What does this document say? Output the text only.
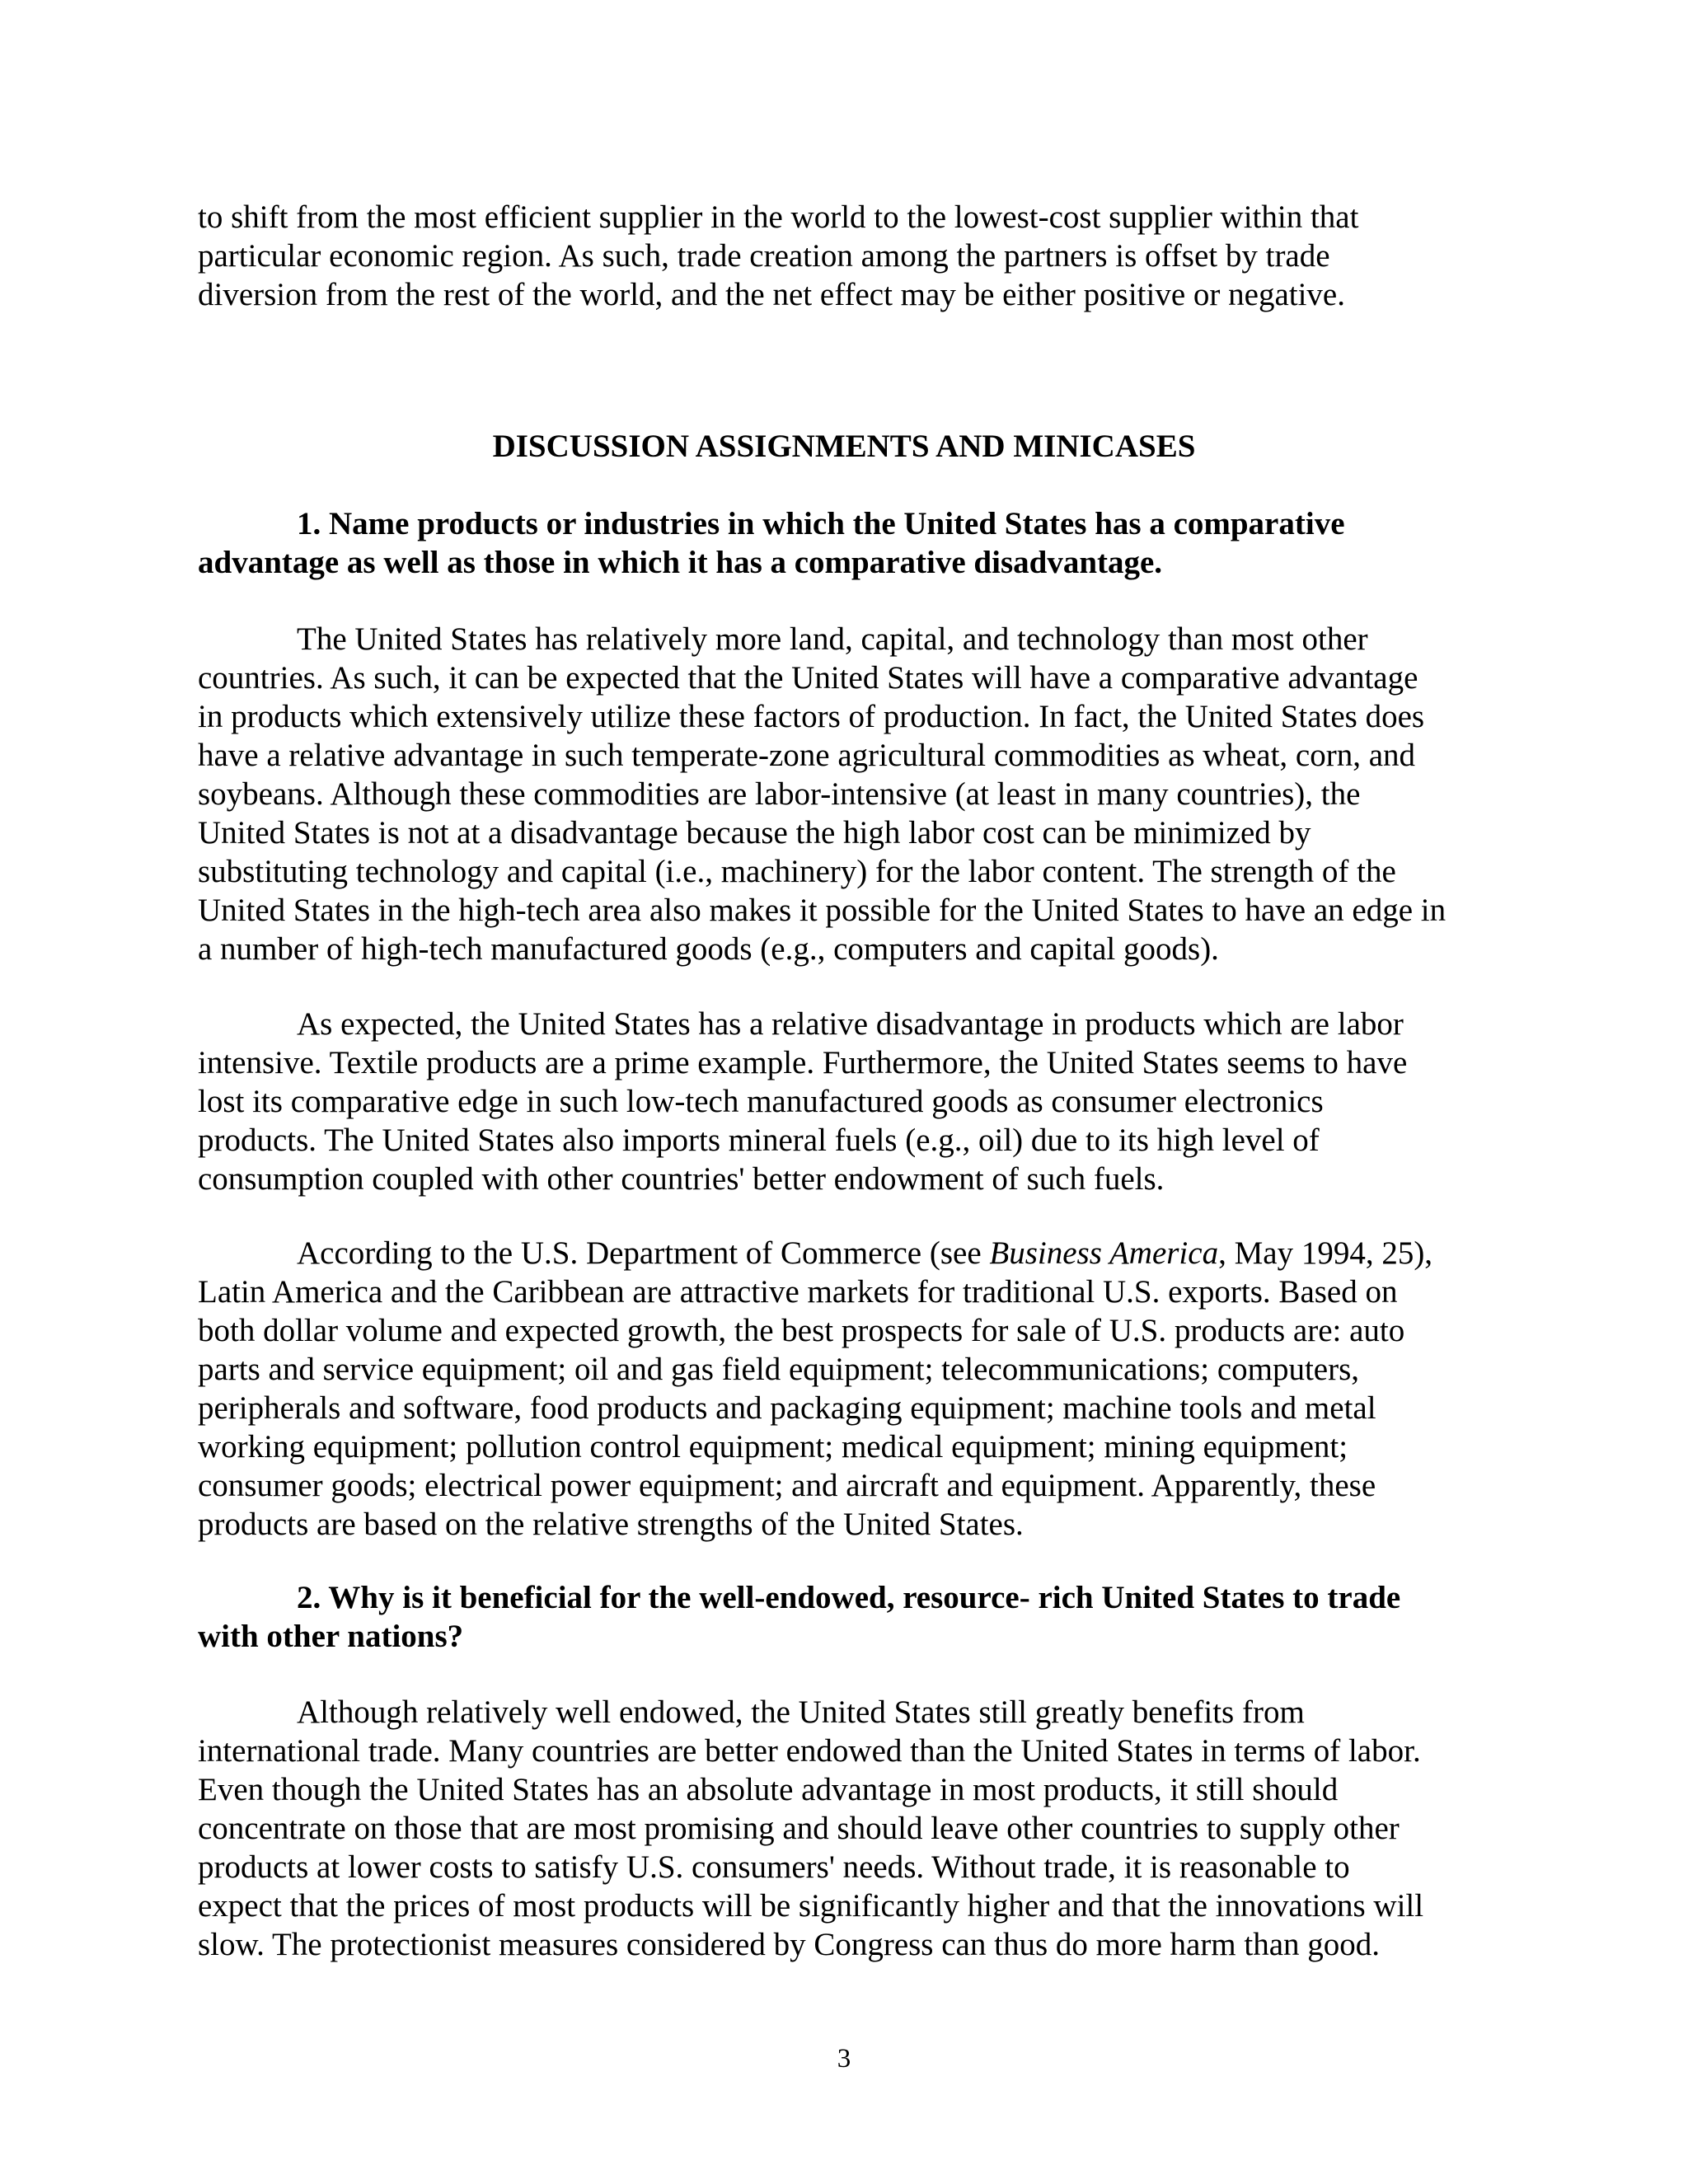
to shift from the most efficient supplier in the world to the lowest-cost supplier within that
particular economic region. As such, trade creation among the partners is offset by trade
diversion from the rest of the world, and the net effect may be either positive or negative.
DISCUSSION ASSIGNMENTS AND MINICASES
1. Name products or industries in which the United States has a comparative
advantage as well as those in which it has a comparative disadvantage.
The United States has relatively more land, capital, and technology than most other
countries. As such, it can be expected that the United States will have a comparative advantage
in products which extensively utilize these factors of production. In fact, the United States does
have a relative advantage in such temperate-zone agricultural commodities as wheat, corn, and
soybeans. Although these commodities are labor-intensive (at least in many countries), the
United States is not at a disadvantage because the high labor cost can be minimized by
substituting technology and capital (i.e., machinery) for the labor content. The strength of the
United States in the high-tech area also makes it possible for the United States to have an edge in
a number of high-tech manufactured goods (e.g., computers and capital goods).
As expected, the United States has a relative disadvantage in products which are labor
intensive. Textile products are a prime example. Furthermore, the United States seems to have
lost its comparative edge in such low-tech manufactured goods as consumer electronics
products. The United States also imports mineral fuels (e.g., oil) due to its high level of
consumption coupled with other countries' better endowment of such fuels.
According to the U.S. Department of Commerce (see Business America, May 1994, 25),
Latin America and the Caribbean are attractive markets for traditional U.S. exports. Based on
both dollar volume and expected growth, the best prospects for sale of U.S. products are: auto
parts and service equipment; oil and gas field equipment; telecommunications; computers,
peripherals and software, food products and packaging equipment; machine tools and metal
working equipment; pollution control equipment; medical equipment; mining equipment;
consumer goods; electrical power equipment; and aircraft and equipment. Apparently, these
products are based on the relative strengths of the United States.
2. Why is it beneficial for the well-endowed, resource- rich United States to trade
with other nations?
Although relatively well endowed, the United States still greatly benefits from
international trade. Many countries are better endowed than the United States in terms of labor.
Even though the United States has an absolute advantage in most products, it still should
concentrate on those that are most promising and should leave other countries to supply other
products at lower costs to satisfy U.S. consumers' needs. Without trade, it is reasonable to
expect that the prices of most products will be significantly higher and that the innovations will
slow. The protectionist measures considered by Congress can thus do more harm than good.
3
